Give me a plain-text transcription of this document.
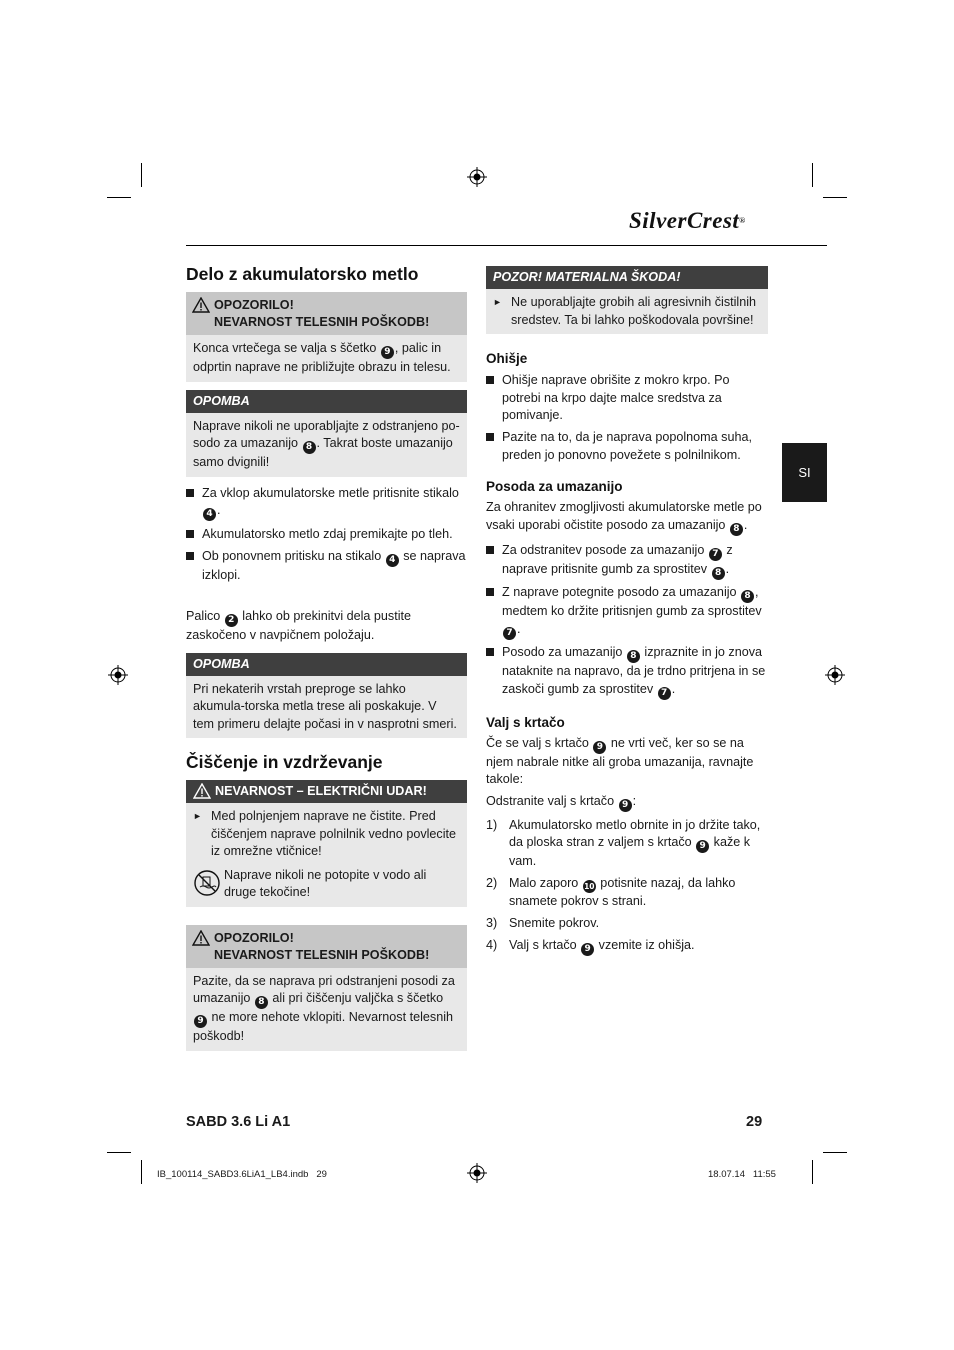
SilverCrest®
SI
Delo z akumulatorsko metlo
OPOZORILO!
NEVARNOST TELESNIH POŠKODB!
Konca vrtečega se valja s ščetko 9 , palic in odprtin naprave ne približujte obrazu in telesu.
OPOMBA
Naprave nikoli ne uporabljajte z odstranjeno po-sodo za umazanijo 8 . Takrat boste umazanijo samo dvignili!
Za vklop akumulatorske metle pritisnite stikalo 4 .
Akumulatorsko metlo zdaj premikajte po tleh.
Ob ponovnem pritisku na stikalo 4 se naprava izklopi.
Palico 2 lahko ob prekinitvi dela pustite zaskočeno v navpičnem položaju.
OPOMBA
Pri nekaterih vrstah preproge se lahko akumula-torska metla trese ali poskakuje. V tem primeru delajte počasi in v nasprotni smeri.
Čiščenje in vzdrževanje
NEVARNOST – ELEKTRIČNI UDAR!
► Med polnjenjem naprave ne čistite. Pred čiščenjem naprave polnilnik vedno povlecite iz omrežne vtičnice!
Naprave nikoli ne potopite v vodo ali druge tekočine!
OPOZORILO!
NEVARNOST TELESNIH POŠKODB!
Pazite, da se naprava pri odstranjeni posodi za umazanijo 8 ali pri čiščenju valjčka s ščetko 9 ne more nehote vklopiti. Nevarnost telesnih poškodb!
POZOR! MATERIALNA ŠKODA!
► Ne uporabljajte grobih ali agresivnih čistilnih sredstev. Ta bi lahko poškodovala površine!
Ohišje
Ohišje naprave obrišite z mokro krpo. Po potrebi na krpo dajte malce sredstva za pomivanje.
Pazite na to, da je naprava popolnoma suha, preden jo ponovno povežete s polnilnikom.
Posoda za umazanijo
Za ohranitev zmogljivosti akumulatorske metle po vsaki uporabi očistite posodo za umazanijo 8 .
Za odstranitev posode za umazanijo 7 z naprave pritisnite gumb za sprostitev 8 .
Z naprave potegnite posodo za umazanijo 8 , medtem ko držite pritisnjen gumb za sprostitev 7 .
Posodo za umazanijo 8 izpraznite in jo znova nataknite na napravo, da je trdno pritrjena in se zaskoči gumb za sprostitev 7 .
Valj s krtačo
Če se valj s krtačo 9 ne vrti več, ker so se na njem nabrale nitke ali groba umazanija, ravnajte takole:
Odstranite valj s krtačo 9 :
1) Akumulatorsko metlo obrnite in jo držite tako, da ploska stran z valjem s krtačo 9 kaže k vam.
2) Malo zaporo 10 potisnite nazaj, da lahko snamete pokrov s strani.
3) Snemite pokrov.
4) Valj s krtačo 9 vzemite iz ohišja.
SABD 3.6 Li A1	29
IB_100114_SABD3.6LiA1_LB4.indb   29	18.07.14   11:55
